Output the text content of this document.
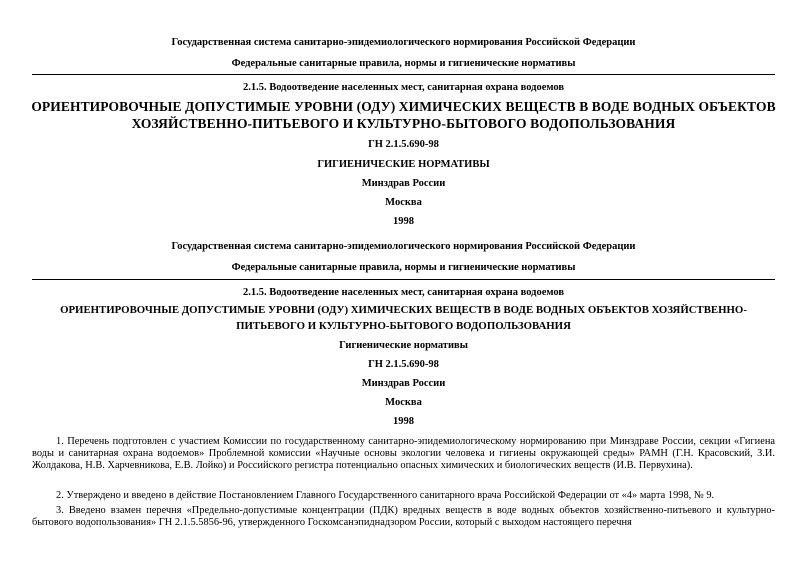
Государственная система санитарно-эпидемиологического нормирования Российской Федерации
Федеральные санитарные правила, нормы и гигиенические нормативы
2.1.5. Водоотведение населенных мест, санитарная охрана водоемов
ОРИЕНТИРОВОЧНЫЕ ДОПУСТИМЫЕ УРОВНИ (ОДУ) ХИМИЧЕСКИХ ВЕЩЕСТВ В ВОДЕ ВОДНЫХ ОБЪЕКТОВ
ХОЗЯЙСТВЕННО-ПИТЬЕВОГО И КУЛЬТУРНО-БЫТОВОГО ВОДОПОЛЬЗОВАНИЯ
ГН 2.1.5.690-98
ГИГИЕНИЧЕСКИЕ НОРМАТИВЫ
Минздрав России
Москва
1998
Государственная система санитарно-эпидемиологического нормирования Российской Федерации
Федеральные санитарные правила, нормы и гигиенические нормативы
2.1.5. Водоотведение населенных мест, санитарная охрана водоемов
ОРИЕНТИРОВОЧНЫЕ ДОПУСТИМЫЕ УРОВНИ (ОДУ) ХИМИЧЕСКИХ ВЕЩЕСТВ В ВОДЕ ВОДНЫХ ОБЪЕКТОВ ХОЗЯЙСТВЕННО-
ПИТЬЕВОГО И КУЛЬТУРНО-БЫТОВОГО ВОДОПОЛЬЗОВАНИЯ
Гигиенические нормативы
ГН 2.1.5.690-98
Минздрав России
Москва
1998
1. Перечень подготовлен с участием Комиссии по государственному санитарно-эпидемиологическому нормированию при Минздраве России, секции «Гигиена воды и санитарная охрана водоемов» Проблемной комиссии «Научные основы экологии человека и гигиены окружающей среды» РАМН (Г.Н. Красовский, З.И. Жолдакова, Н.В. Харчевникова, Е.В. Лойко) и Российского регистра потенциально опасных химических и биологических веществ (И.В. Первухина).
2. Утверждено и введено в действие Постановлением Главного Государственного санитарного врача Российской Федерации от «4» марта 1998, № 9.
3. Введено взамен перечня «Предельно-допустимые концентрации (ПДК) вредных веществ в воде водных объектов хозяйственно-питьевого и культурно-бытового водопользования» ГН 2.1.5.5856-96, утвержденного Госкомсанэпиднадзором России, который с выходом настоящего перечня
